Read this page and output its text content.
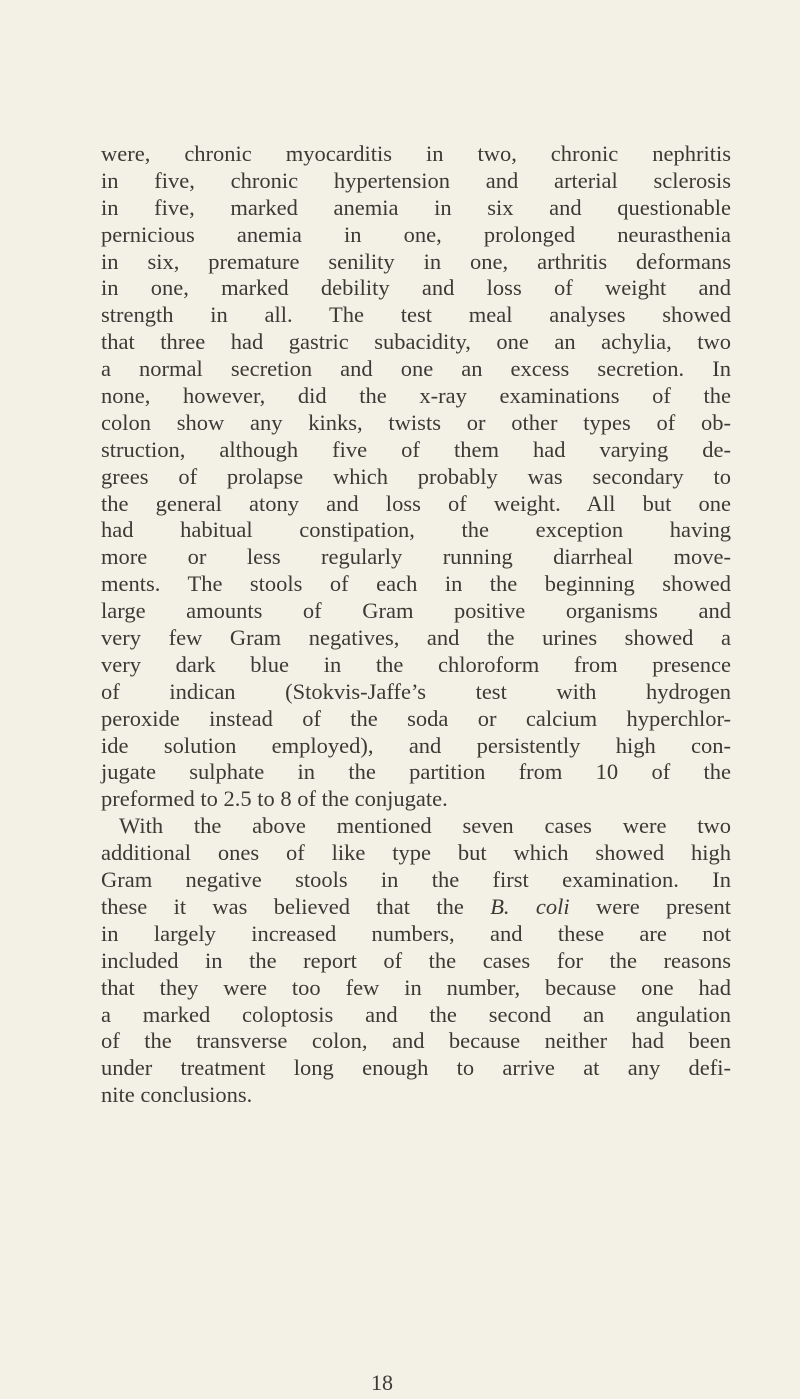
were, chronic myocarditis in two, chronic nephritis
in five, chronic hypertension and arterial sclerosis
in five, marked anemia in six and questionable
pernicious anemia in one, prolonged neurasthenia
in six, premature senility in one, arthritis deformans
in one, marked debility and loss of weight and
strength in all. The test meal analyses showed
that three had gastric subacidity, one an achylia, two
a normal secretion and one an excess secretion. In
none, however, did the x-ray examinations of the
colon show any kinks, twists or other types of ob-
struction, although five of them had varying de-
grees of prolapse which probably was secondary to
the general atony and loss of weight. All but one
had habitual constipation, the exception having
more or less regularly running diarrheal move-
ments. The stools of each in the beginning showed
large amounts of Gram positive organisms and
very few Gram negatives, and the urines showed a
very dark blue in the chloroform from presence
of indican (Stokvis-Jaffe’s test with hydrogen
peroxide instead of the soda or calcium hyperchlor-
ide solution employed), and persistently high con-
jugate sulphate in the partition from 10 of the
preformed to 2.5 to 8 of the conjugate.
With the above mentioned seven cases were two
additional ones of like type but which showed high
Gram negative stools in the first examination. In
these it was believed that the B. coli were present
in largely increased numbers, and these are not
included in the report of the cases for the reasons
that they were too few in number, because one had
a marked coloptosis and the second an angulation
of the transverse colon, and because neither had been
under treatment long enough to arrive at any defi-
nite conclusions.
18
